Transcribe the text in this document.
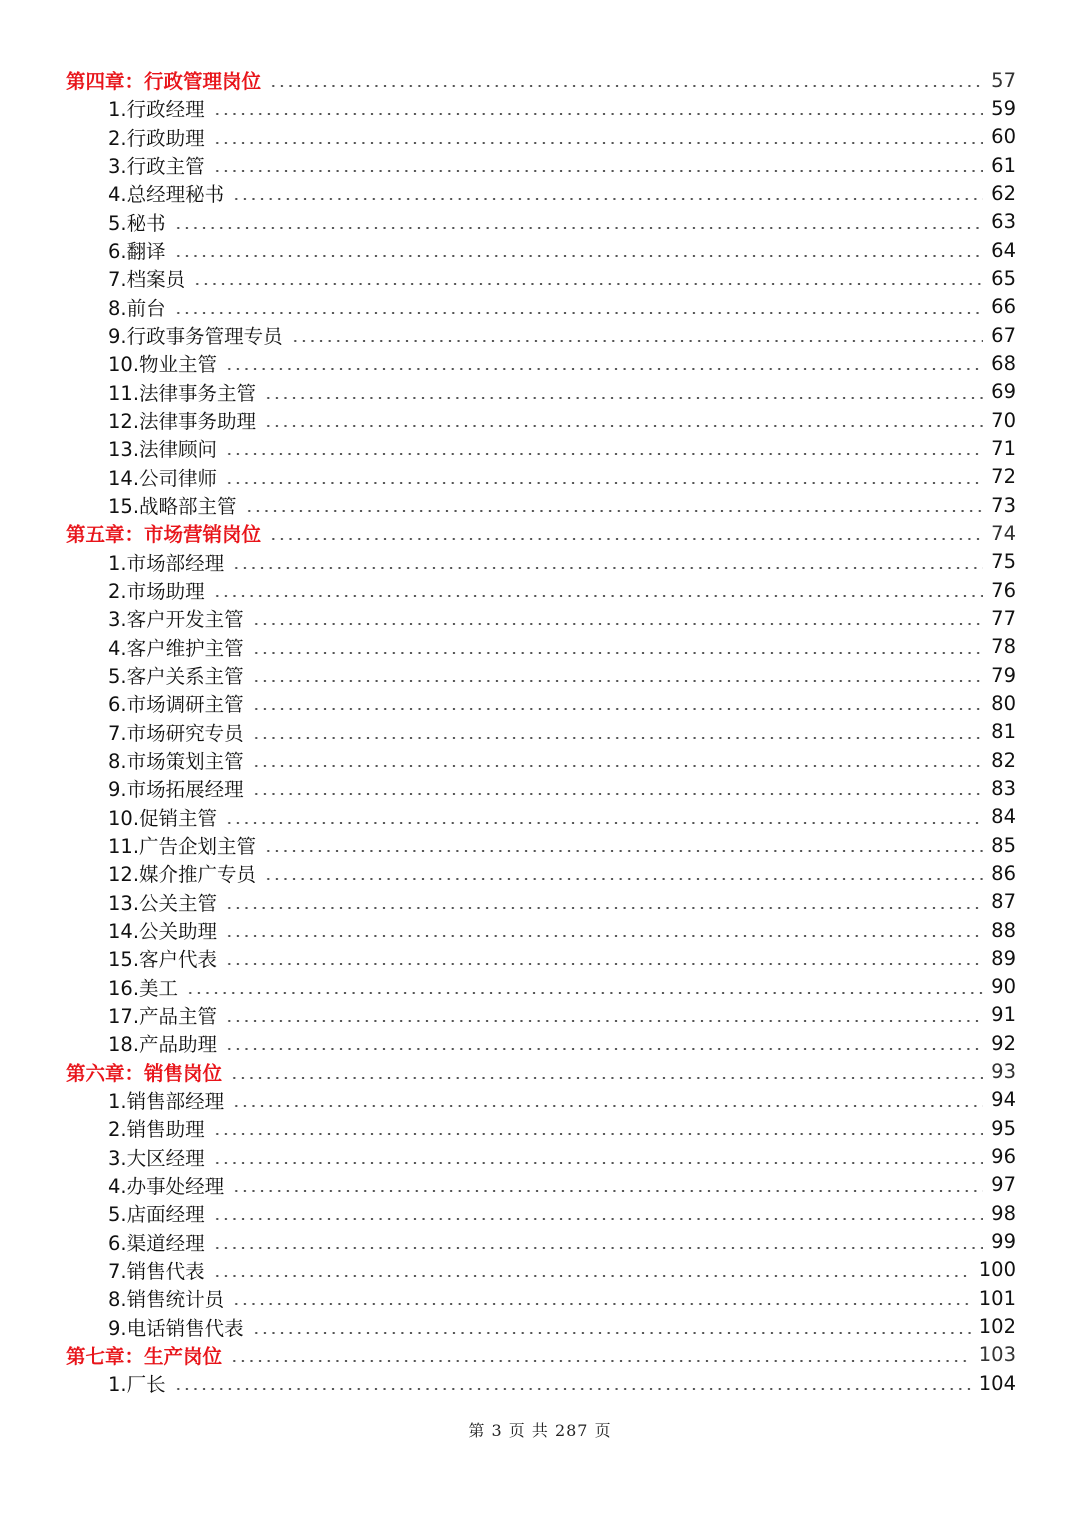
第四章：行政管理岗位	57
1.行政经理	59
2.行政助理	60
3.行政主管	61
4.总经理秘书	62
5.秘书	63
6.翻译	64
7.档案员	65
8.前台	66
9.行政事务管理专员	67
10.物业主管	68
11.法律事务主管	69
12.法律事务助理	70
13.法律顾问	71
14.公司律师	72
15.战略部主管	73
第五章：市场营销岗位	74
1.市场部经理	75
2.市场助理	76
3.客户开发主管	77
4.客户维护主管	78
5.客户关系主管	79
6.市场调研主管	80
7.市场研究专员	81
8.市场策划主管	82
9.市场拓展经理	83
10.促销主管	84
11.广告企划主管	85
12.媒介推广专员	86
13.公关主管	87
14.公关助理	88
15.客户代表	89
16.美工	90
17.产品主管	91
18.产品助理	92
第六章：销售岗位	93
1.销售部经理	94
2.销售助理	95
3.大区经理	96
4.办事处经理	97
5.店面经理	98
6.渠道经理	99
7.销售代表	100
8.销售统计员	101
9.电话销售代表	102
第七章：生产岗位	103
1.厂长	104
第 3 页 共 287 页
